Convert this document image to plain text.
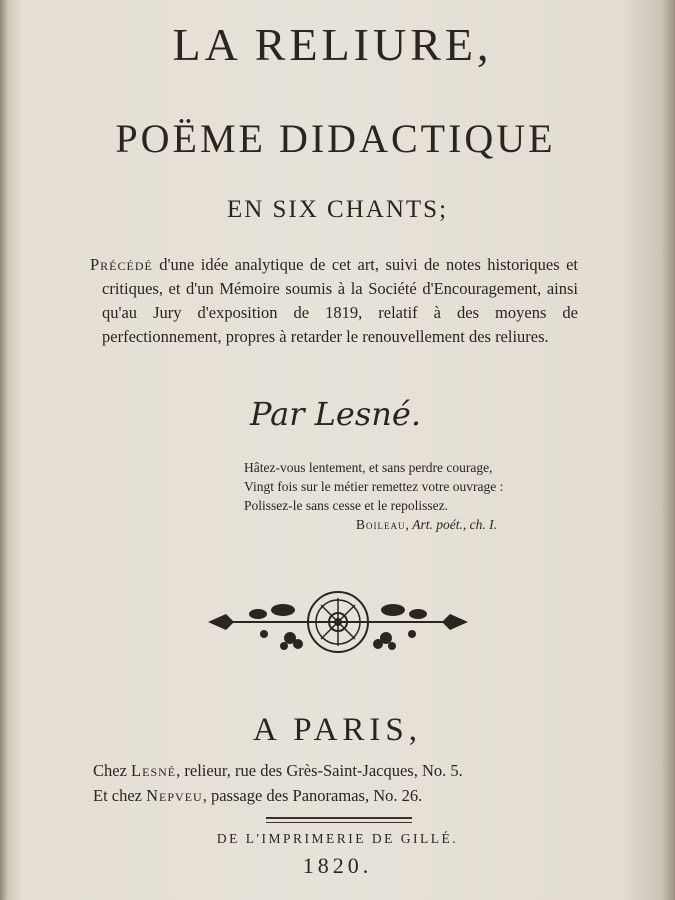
LA RELIURE,
POËME DIDACTIQUE
EN SIX CHANTS;

Précédé d'une idée analytique de cet art, suivi de notes historiques et critiques, et d'un Mémoire soumis à la Société d'Encouragement, ainsi qu'au Jury d'exposition de 1819, relatif à des moyens de perfectionnement, propres à retarder le renouvellement des reliures.

Par Lesné.
Hâtez-vous lentement, et sans perdre courage,
Vingt fois sur le métier remettez votre ouvrage :
Polissez-le sans cesse et le repolissez.
Boileau, Art. poét., ch. I.
A PARIS,
Chez Lesné, relieur, rue des Grès-Saint-Jacques, No. 5.
Et chez Nepveu, passage des Panoramas, No. 26.
DE L'IMPRIMERIE DE GILLÉ.
1820.
